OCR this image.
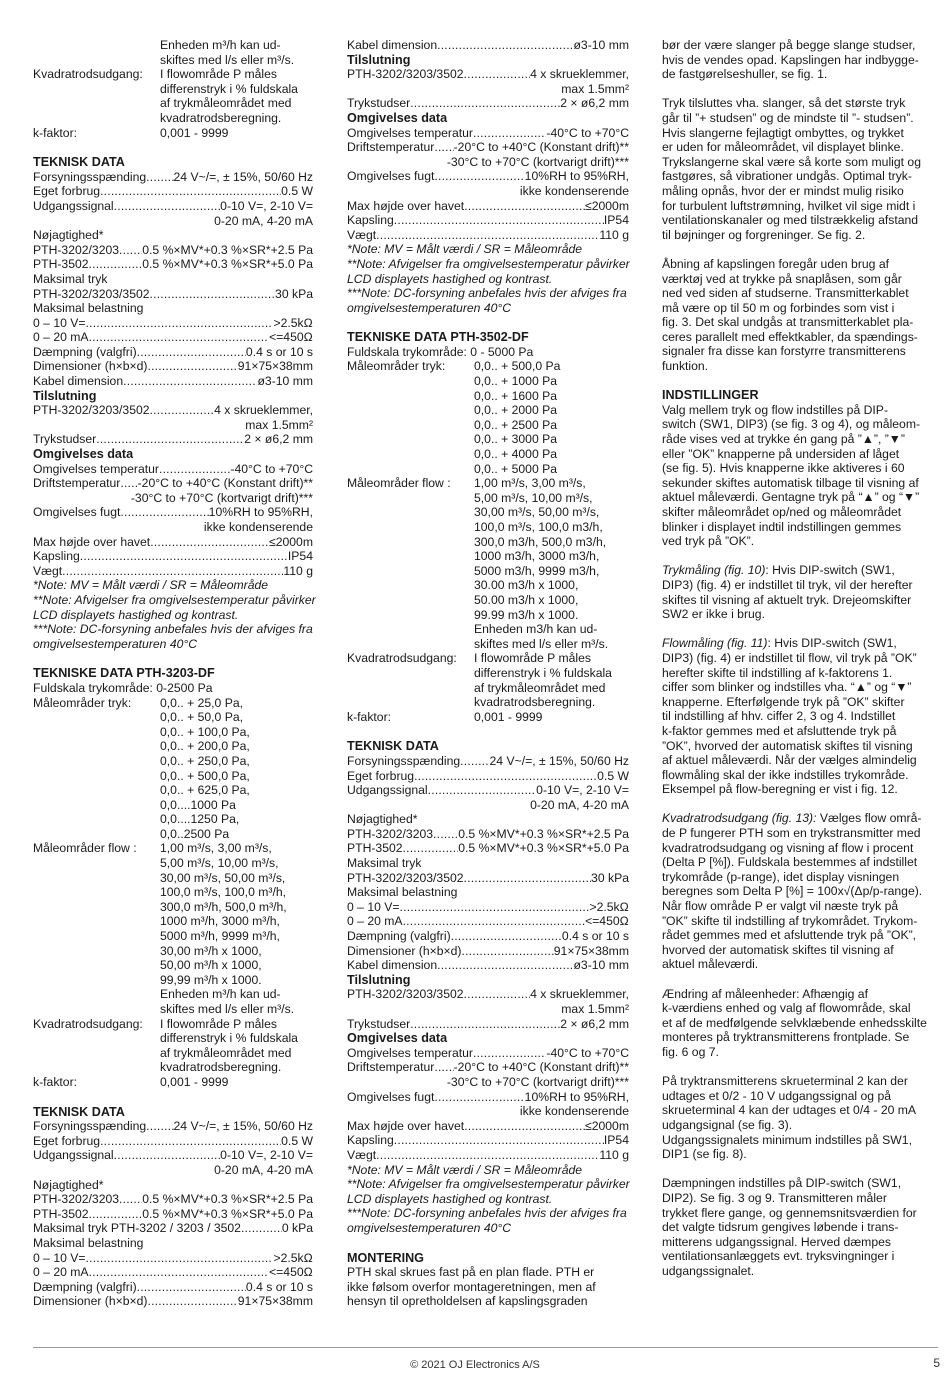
Enheden m³/h kan ud-
skiftes med l/s eller m³/s.
Kvadratrodsudgang:	I flowområde P måles
differenstryk i % fuldskala
af trykmåleområdet med
kvadratrodsberegning.
k-faktor:	0,001 - 9999
TEKNISK DATA
Forsyningsspænding ..... 24 V~/=, ± 15%, 50/60 Hz
Eget forbrug .....	0.5 W
Udgangssignal .....	0-10 V=, 2-10 V=
0-20 mA, 4-20 mA
Nøjagtighed*
PTH-3202/3203 ..... 0.5 %×MV*+0.3 %×SR*+2.5 Pa
PTH-3502 .....	0.5 %×MV*+0.3 %×SR*+5.0 Pa
Maksimal tryk
PTH-3202/3203/3502 .....	30 kPa
Maksimal belastning
0 – 10 V= .....	>2.5kΩ
0 – 20 mA .....	<=450Ω
Dæmpning (valgfri) .....	0.4 s or 10 s
Dimensioner (h×b×d) .....	91×75×38mm
Kabel dimension .....	ø3-10 mm
Tilslutning
PTH-3202/3203/3502 .....	4 x skrueklemmer,
max 1.5mm²
Trykstudser .....	2 × ø6,2 mm
Omgivelses data
Omgivelses temperatur .....	-40°C to +70°C
Driftstemperatur ..... -20°C to +40°C (Konstant drift)**
-30°C to +70°C (kortvarigt drift)***
Omgivelses fugt .....	10%RH to 95%RH,
ikke kondenserende
Max højde over havet .....	≤2000m
Kapsling .....	IP54
Vægt .....	110 g
*Note: MV = Målt værdi / SR = Måleområde
**Note: Afvigelser fra omgivelsestemperatur påvirker
LCD displayets hastighed og kontrast.
***Note: DC-forsyning anbefales hvis der afviges fra
omgivelsestemperaturen 40°C
TEKNISKE DATA PTH-3203-DF
Fuldskala trykområde: 0-2500 Pa
Måleområder tryk:	0,0.. + 25,0 Pa,
0,0.. + 50,0 Pa,
0,0.. + 100,0 Pa,
0,0.. + 200,0 Pa,
0,0.. + 250,0 Pa,
0,0.. + 500,0 Pa,
0,0.. + 625,0 Pa,
0,0....1000 Pa
0,0....1250 Pa,
0,0..2500 Pa
Måleområder flow :	1,00 m³/s, 3,00 m³/s,
5,00 m³/s, 10,00 m³/s,
30,00 m³/s, 50,00 m³/s,
100,0 m³/s, 100,0 m³/h,
300,0 m³/h, 500,0 m³/h,
1000 m³/h, 3000 m³/h,
5000 m³/h, 9999 m³/h,
30,00 m³/h x 1000,
50,00 m³/h x 1000,
99,99 m³/h x 1000.
Enheden m³/h kan ud-
skiftes med l/s eller m³/s.
Kvadratrodsudgang:	I flowområde P måles
differenstryk i % fuldskala
af trykmåleområdet med
kvadratrodsberegning.
k-faktor:	0,001 - 9999
TEKNISK DATA
Forsyningsspænding ..... 24 V~/=, ± 15%, 50/60 Hz
Eget forbrug .....	0.5 W
Udgangssignal .....	0-10 V=, 2-10 V=
0-20 mA, 4-20 mA
Nøjagtighed*
PTH-3202/3203 ..... 0.5 %×MV*+0.3 %×SR*+2.5 Pa
PTH-3502 .....	0.5 %×MV*+0.3 %×SR*+5.0 Pa
Maksimal tryk PTH-3202 / 3203 / 3502 .....	0 kPa
Maksimal belastning
0 – 10 V= .....	>2.5kΩ
0 – 20 mA .....	<=450Ω
Dæmpning (valgfri) .....	0.4 s or 10 s
Dimensioner (h×b×d) .....	91×75×38mm
Kabel dimension .....	ø3-10 mm
Tilslutning
PTH-3202/3203/3502 .....	4 x skrueklemmer,
max 1.5mm²
Trykstudser .....	2 × ø6,2 mm
Omgivelses data
Omgivelses temperatur .....	-40°C to +70°C
Driftstemperatur ..... -20°C to +40°C (Konstant drift)**
-30°C to +70°C (kortvarigt drift)***
Omgivelses fugt .....	10%RH to 95%RH,
ikke kondenserende
Max højde over havet .....	≤2000m
Kapsling .....	IP54
Vægt .....	110 g
*Note: MV = Målt værdi / SR = Måleområde
**Note: Afvigelser fra omgivelsestemperatur påvirker
LCD displayets hastighed og kontrast.
***Note: DC-forsyning anbefales hvis der afviges fra
omgivelsestemperaturen 40°C
TEKNISKE DATA PTH-3502-DF
Fuldskala trykområde: 0 - 5000 Pa
Måleområder tryk:	0,0.. + 500,0 Pa
0,0.. + 1000 Pa
0,0.. + 1600 Pa
0,0.. + 2000 Pa
0,0.. + 2500 Pa
0,0.. + 3000 Pa
0,0.. + 4000 Pa
0,0.. + 5000 Pa
Måleområder flow :	1,00 m³/s, 3,00 m³/s,
5,00 m³/s, 10,00 m³/s,
30,00 m³/s, 50,00 m³/s,
100,0 m³/s, 100,0 m3/h,
300,0 m3/h, 500,0 m3/h,
1000 m3/h, 3000 m3/h,
5000 m3/h, 9999 m3/h,
30.00 m3/h x 1000,
50.00 m3/h x 1000,
99.99 m3/h x 1000.
Enheden m3/h kan ud-
skiftes med l/s eller m³/s.
Kvadratrodsudgang:	I flowområde P måles
differenstryk i % fuldskala
af trykmåleområdet med
kvadratrodsberegning.
k-faktor:	0,001 - 9999
TEKNISK DATA
Forsyningsspænding ..... 24 V~/=, ± 15%, 50/60 Hz
Eget forbrug .....	0.5 W
Udgangssignal .....	0-10 V=, 2-10 V=
0-20 mA, 4-20 mA
Nøjagtighed*
PTH-3202/3203 ..... 0.5 %×MV*+0.3 %×SR*+2.5 Pa
PTH-3502 .....	0.5 %×MV*+0.3 %×SR*+5.0 Pa
Maksimal tryk
PTH-3202/3203/3502 .....	30 kPa
Maksimal belastning
0 – 10 V= .....	>2.5kΩ
0 – 20 mA .....	<=450Ω
Dæmpning (valgfri) .....	0.4 s or 10 s
Dimensioner (h×b×d) .....	91×75×38mm
Kabel dimension .....	ø3-10 mm
Tilslutning
PTH-3202/3203/3502 .....	4 x skrueklemmer,
max 1.5mm²
Trykstudser .....	2 × ø6,2 mm
Omgivelses data
Omgivelses temperatur .....	-40°C to +70°C
Driftstemperatur ..... -20°C to +40°C (Konstant drift)**
-30°C to +70°C (kortvarigt drift)***
Omgivelses fugt .....	10%RH to 95%RH,
ikke kondenserende
Max højde over havet .....	≤2000m
Kapsling .....	IP54
Vægt .....	110 g
*Note: MV = Målt værdi / SR = Måleområde
**Note: Afvigelser fra omgivelsestemperatur påvirker
LCD displayets hastighed og kontrast.
***Note: DC-forsyning anbefales hvis der afviges fra
omgivelsestemperaturen 40°C
MONTERING
PTH skal skrues fast på en plan flade. PTH er
ikke følsom overfor montageretningen, men af
hensyn til opretholdelsen af kapslingsgraden
bør der være slanger på begge slange studser,
hvis de vendes opad. Kapslingen har indbygge-
de fastgørelseshuller, se fig. 1.
Tryk tilsluttes vha. slanger, så det største tryk
går til ”+ studsen” og de mindste til ”- studsen”.
Hvis slangerne fejlagtigt ombyttes, og trykket
er uden for måleområdet, vil displayet blinke.
Trykslangerne skal være så korte som muligt og
fastgøres, så vibrationer undgås. Optimal tryk-
måling opnås, hvor der er mindst mulig risiko
for turbulent luftstrømning, hvilket vil sige midt i
ventilationskanaler og med tilstrækkelig afstand
til bøjninger og forgreninger. Se fig. 2.
Åbning af kapslingen foregår uden brug af
værktøj ved at trykke på snaplåsen, som går
ned ved siden af studserne. Transmitterkablet
må være op til 50 m og forbindes som vist i
fig. 3. Det skal undgås at transmitterkablet pla-
ceres parallelt med effektkabler, da spændings-
signaler fra disse kan forstyrre transmitterens
funktion.
INDSTILLINGER
Valg mellem tryk og flow indstilles på DIP-
switch (SW1, DIP3) (se fig. 3 og 4), og måleom-
råde vises ved at trykke én gang på ”▲”, ”▼”
eller ”OK” knapperne på undersiden af låget
(se fig. 5). Hvis knapperne ikke aktiveres i 60
sekunder skiftes automatisk tilbage til visning af
aktuel måleværdi. Gentagne tryk på “▲” og “▼”
skifter måleområdet op/ned og måleområdet
blinker i displayet indtil indstillingen gemmes
ved tryk på ”OK”.
Trykmåling (fig. 10): Hvis DIP-switch (SW1,
DIP3) (fig. 4) er indstillet til tryk, vil der herefter
skiftes til visning af aktuelt tryk. Drejeomskifter
SW2 er ikke i brug.
Flowmåling (fig. 11): Hvis DIP-switch (SW1,
DIP3) (fig. 4) er indstillet til flow, vil tryk på ”OK”
herefter skifte til indstilling af k-faktorens 1.
ciffer som blinker og indstilles vha. “▲” og “▼”
knapperne. Efterfølgende tryk på ”OK” skifter
til indstilling af hhv. ciffer 2, 3 og 4. Indstillet
k-faktor gemmes med et afsluttende tryk på
”OK”, hvorved der automatisk skiftes til visning
af aktuel måleværdi. Når der vælges almindelig
flowmåling skal der ikke indstilles trykområde.
Eksempel på flow-beregning er vist i fig. 12.
Kvadratrodsudgang (fig. 13): Vælges flow områ-
de P fungerer PTH som en trykstransmitter med
kvadratrodsudgang og visning af flow i procent
(Delta P [%]). Fuldskala bestemmes af indstillet
trykområde (p-range), idet display visningen
beregnes som Delta P [%] = 100x√(Δp/p-range).
Når flow område P er valgt vil næste tryk på
”OK” skifte til indstilling af trykområdet. Trykom-
rådet gemmes med et afsluttende tryk på ”OK”,
hvorved der automatisk skiftes til visning af
aktuel måleværdi.
Ændring af måleenheder: Afhængig af
k-værdiens enhed og valg af flowområde, skal
et af de medfølgende selvklæbende enhedsskilte
monteres på tryktransmitterens frontplade. Se
fig. 6 og 7.
På tryktransmitterens skrueterminal 2 kan der
udtages et 0/2 - 10 V udgangssignal og på
skrueterminal 4 kan der udtages et 0/4 - 20 mA
udgangsignal (se fig. 3).
Udgangssignalets minimum indstilles på SW1,
DIP1 (se fig. 8).
Dæmpningen indstilles på DIP-switch (SW1,
DIP2). Se fig. 3 og 9. Transmitteren måler
trykket flere gange, og gennemsnitsværdien for
det valgte tidsrum gengives løbende i trans-
mitterens udgangssignal. Herved dæmpes
ventilationsanlæggets evt. tryksvingninger i
udgangssignalet.
© 2021 OJ Electronics A/S	5
